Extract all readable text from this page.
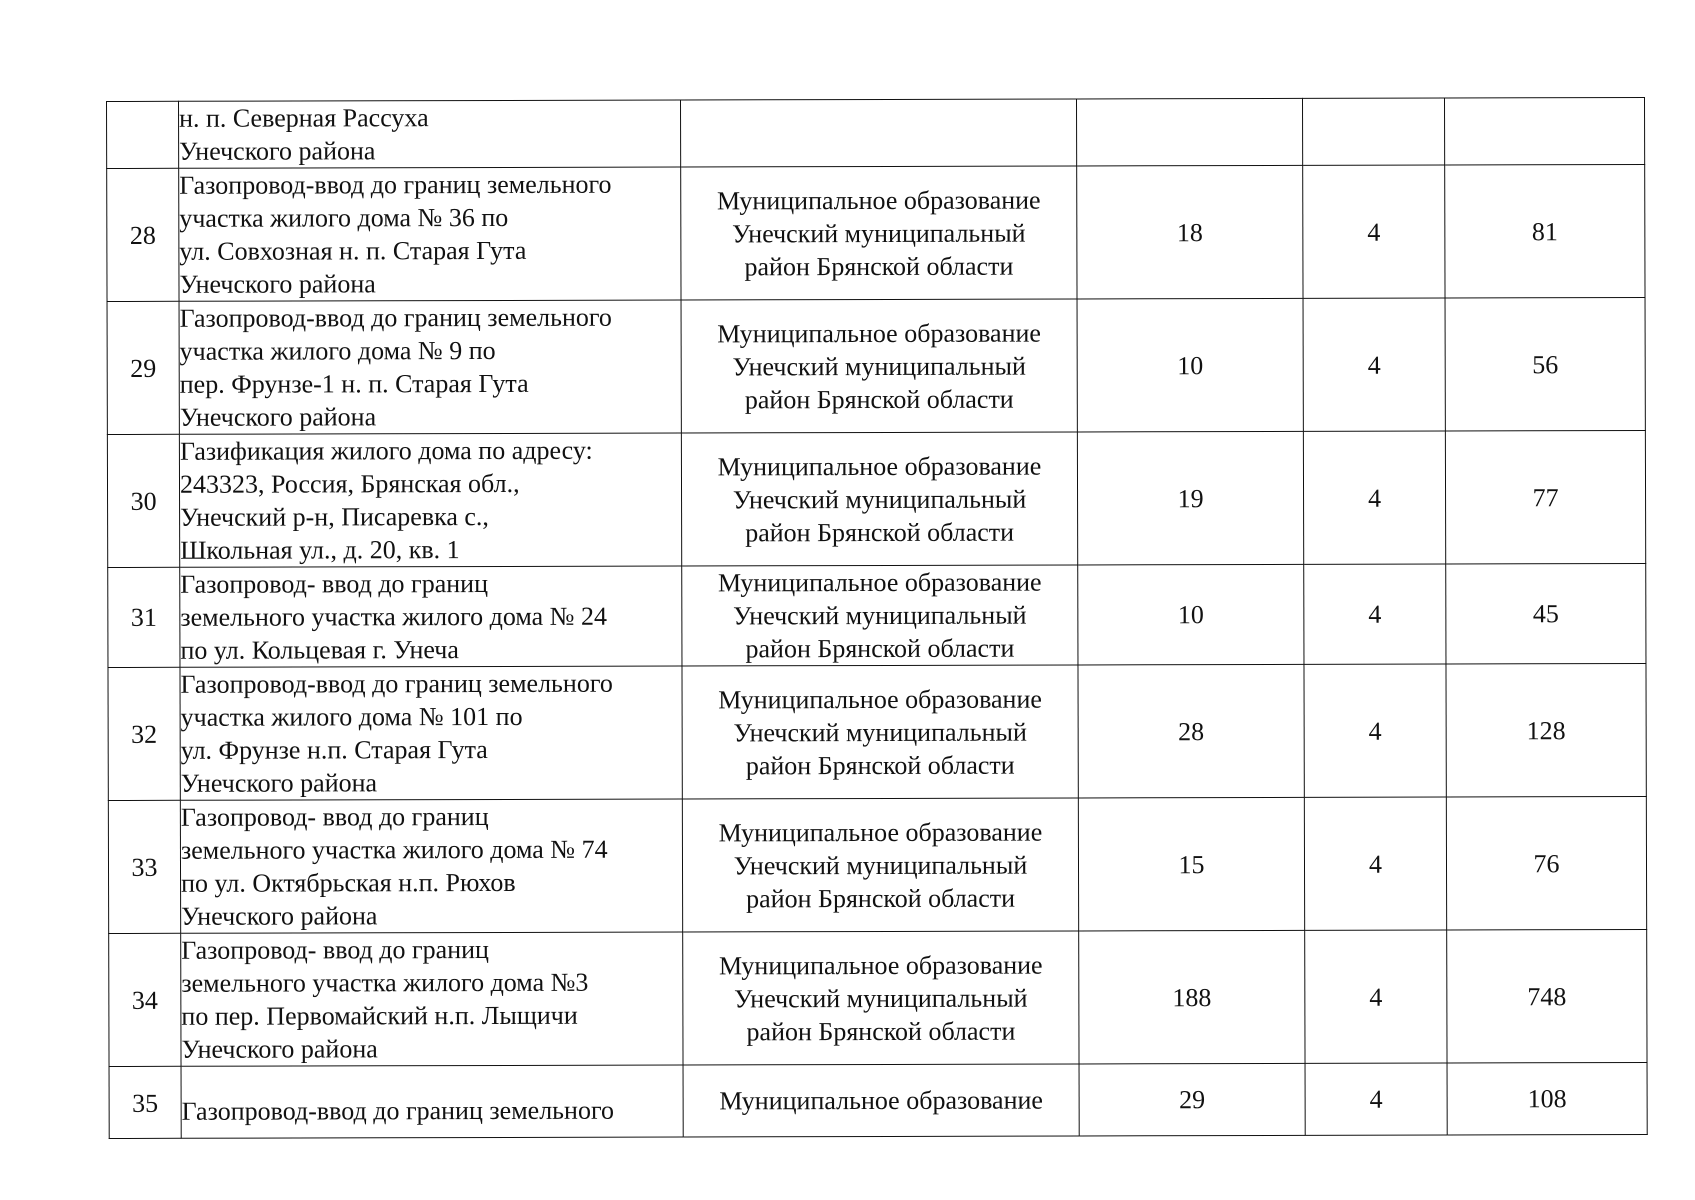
	н. п. Северная Рассуха
Унечского района				

28	Газопровод-ввод до границ земельного
участка жилого дома № 36 по
ул. Совхозная н. п. Старая Гута
Унечского района	Муниципальное образование
Унечский муниципальный
район Брянской области	18	4	81
29	Газопровод-ввод до границ земельного
участка жилого дома № 9 по
пер. Фрунзе-1 н. п. Старая Гута
Унечского района	Муниципальное образование
Унечский муниципальный
район Брянской области	10	4	56
30	Газификация жилого дома по адресу:
243323, Россия, Брянская обл.,
Унечский р-н, Писаревка с.,
Школьная ул., д. 20, кв. 1	Муниципальное образование
Унечский муниципальный
район Брянской области	19	4	77
31	Газопровод- ввод до границ
земельного участка жилого дома № 24
по ул. Кольцевая г. Унеча	Муниципальное образование
Унечский муниципальный
район Брянской области	10	4	45
32	Газопровод-ввод до границ земельного
участка жилого дома № 101 по
ул. Фрунзе н.п. Старая Гута
Унечского района	Муниципальное образование
Унечский муниципальный
район Брянской области	28	4	128
33	Газопровод- ввод до границ
земельного участка жилого дома № 74
по ул. Октябрьская н.п. Рюхов
Унечского района	Муниципальное образование
Унечский муниципальный
район Брянской области	15	4	76
34	Газопровод- ввод до границ
земельного участка жилого дома №3
по пер. Первомайский н.п. Лыщичи
Унечского района	Муниципальное образование
Унечский муниципальный
район Брянской области	188	4	748
35	Газопровод-ввод до границ земельного	Муниципальное образование	29	4	108
